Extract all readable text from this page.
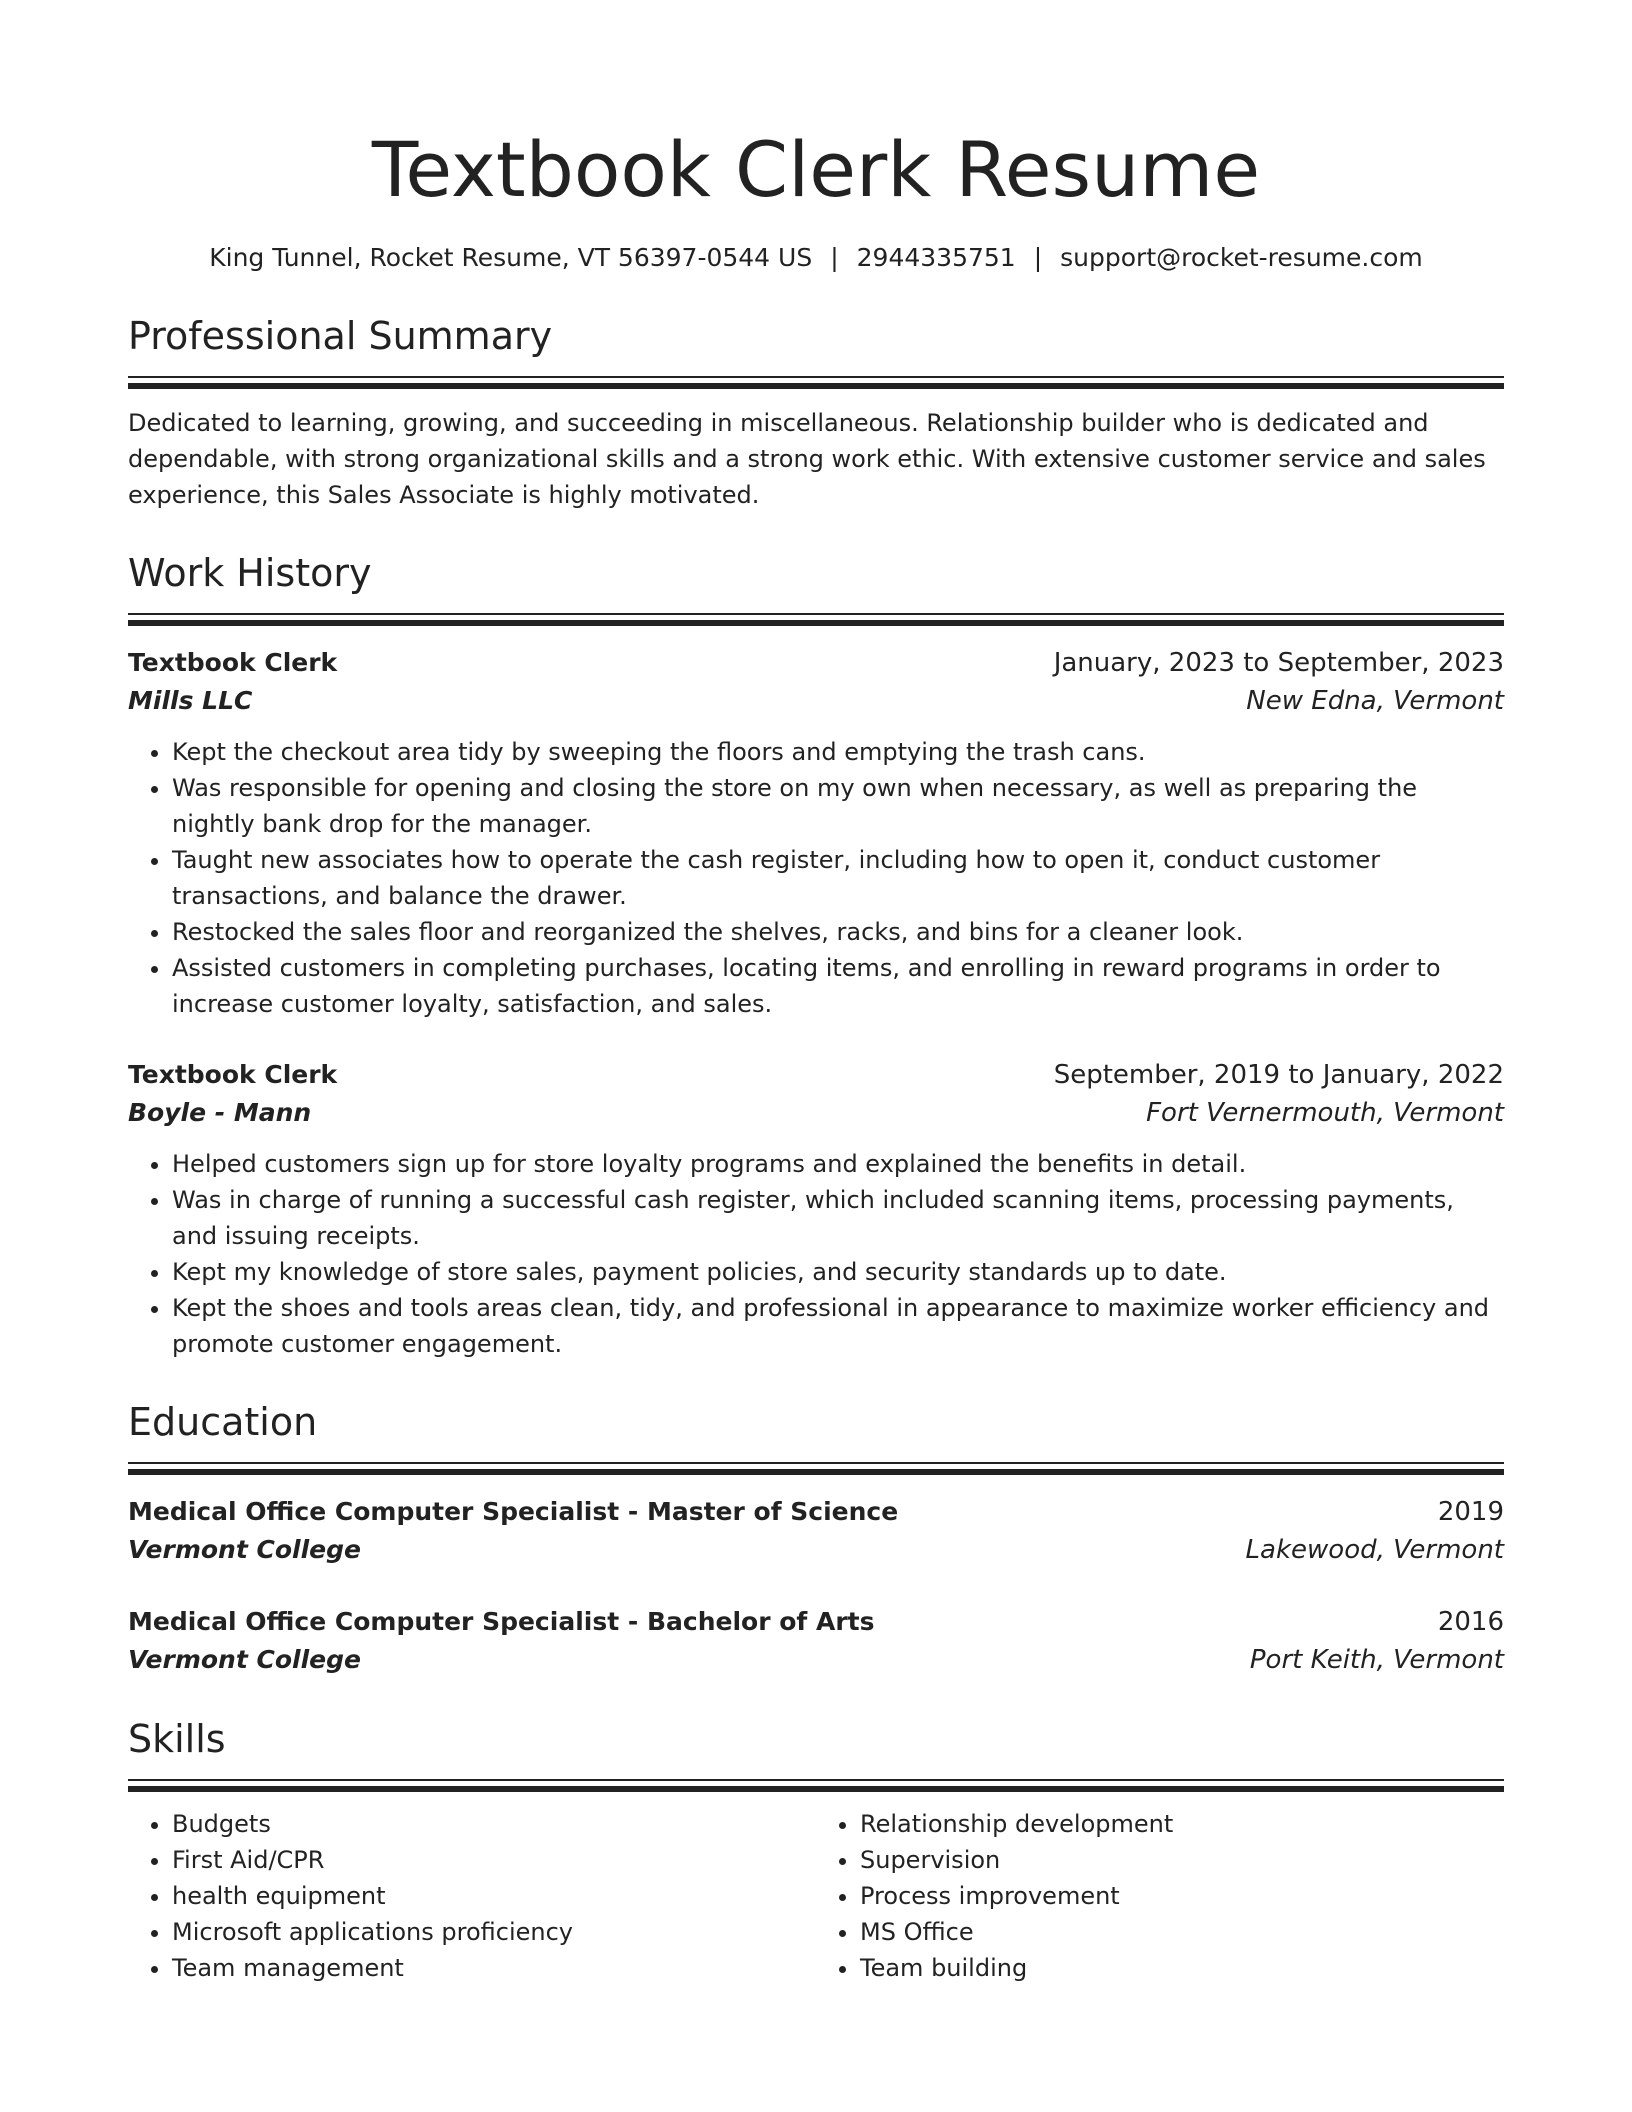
Textbook Clerk Resume
King Tunnel, Rocket Resume, VT 56397-0544 US | 2944335751 | support@rocket-resume.com
Professional Summary
Dedicated to learning, growing, and succeeding in miscellaneous. Relationship builder who is dedicated and dependable, with strong organizational skills and a strong work ethic. With extensive customer service and sales experience, this Sales Associate is highly motivated.
Work History
Textbook Clerk	January, 2023 to September, 2023
Mills LLC	New Edna, Vermont
• Kept the checkout area tidy by sweeping the floors and emptying the trash cans.
• Was responsible for opening and closing the store on my own when necessary, as well as preparing the nightly bank drop for the manager.
• Taught new associates how to operate the cash register, including how to open it, conduct customer transactions, and balance the drawer.
• Restocked the sales floor and reorganized the shelves, racks, and bins for a cleaner look.
• Assisted customers in completing purchases, locating items, and enrolling in reward programs in order to increase customer loyalty, satisfaction, and sales.
Textbook Clerk	September, 2019 to January, 2022
Boyle - Mann	Fort Vernermouth, Vermont
• Helped customers sign up for store loyalty programs and explained the benefits in detail.
• Was in charge of running a successful cash register, which included scanning items, processing payments, and issuing receipts.
• Kept my knowledge of store sales, payment policies, and security standards up to date.
• Kept the shoes and tools areas clean, tidy, and professional in appearance to maximize worker efficiency and promote customer engagement.
Education
Medical Office Computer Specialist - Master of Science	2019
Vermont College	Lakewood, Vermont
Medical Office Computer Specialist - Bachelor of Arts	2016
Vermont College	Port Keith, Vermont
Skills
• Budgets
• First Aid/CPR
• health equipment
• Microsoft applications proficiency
• Team management
• Relationship development
• Supervision
• Process improvement
• MS Office
• Team building
